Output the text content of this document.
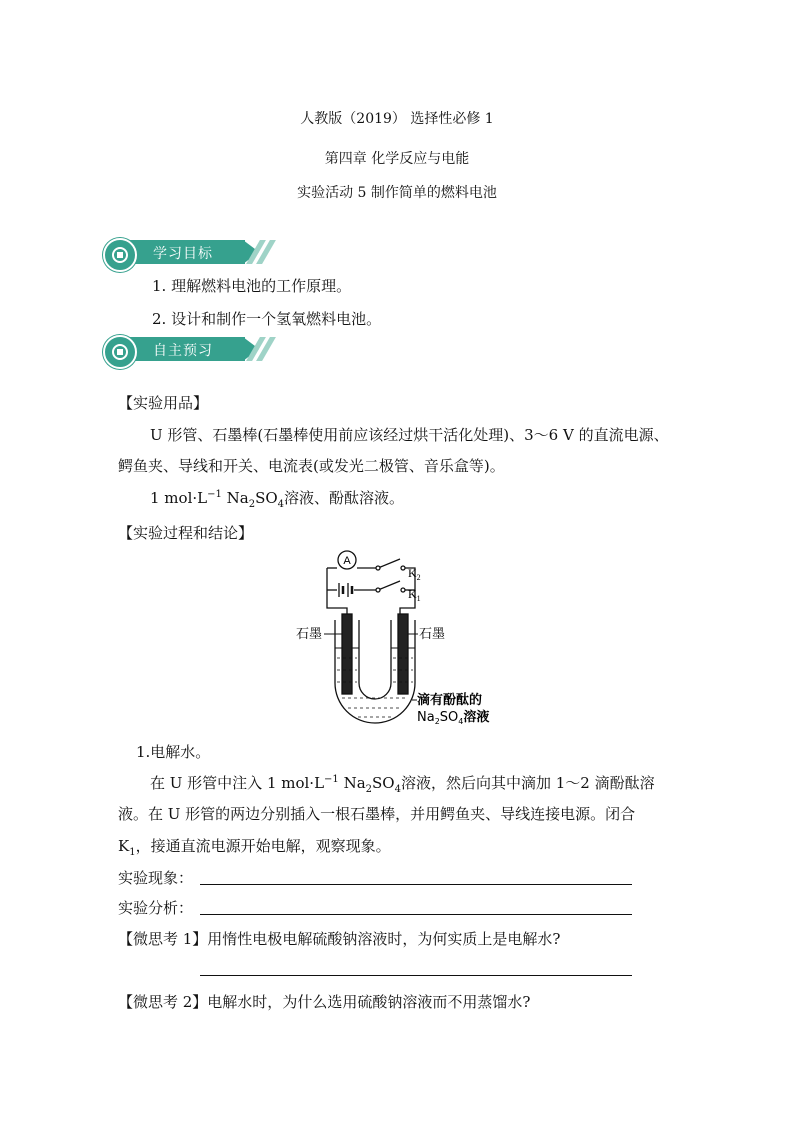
人教版（2019） 选择性必修 1
第四章 化学反应与电能
实验活动 5 制作简单的燃料电池
学习目标
1. 理解燃料电池的工作原理。
2. 设计和制作一个氢氧燃料电池。
自主预习
【实验用品】
U 形管、石墨棒(石墨棒使用前应该经过烘干活化处理)、3～6 V 的直流电源、
鳄鱼夹、导线和开关、电流表(或发光二极管、音乐盒等)。
1 $mol\cdot L^{-1}$ $Na_2SO_4$溶液、酚酞溶液。
【实验过程和结论】
A
$K_2$
$K_1$
石墨	石墨
滴有酚酞的
$Na_2SO_4$溶液
1.电解水。
在 U 形管中注入 1 $mol\cdot L^{-1}$ $Na_2SO_4$溶液，然后向其中滴加 1～2 滴酚酞溶
液。在 U 形管的两边分别插入一根石墨棒，并用鳄鱼夹、导线连接电源。闭合
$K_1$，接通直流电源开始电解，观察现象。
实验现象：
实验分析：
【微思考 1】用惰性电极电解硫酸钠溶液时，为何实质上是电解水?
【微思考 2】电解水时，为什么选用硫酸钠溶液而不用蒸馏水?
